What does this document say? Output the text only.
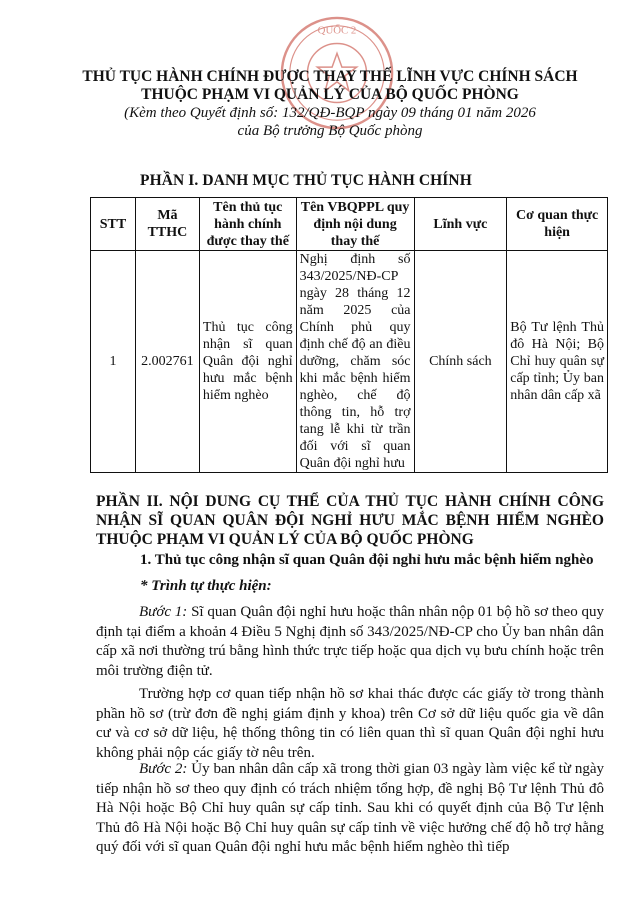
QUỐC 2

THỦ TỤC HÀNH CHÍNH ĐƯỢC THAY THẾ LĨNH VỰC CHÍNH SÁCH

THUỘC PHẠM VI QUẢN LÝ CỦA BỘ QUỐC PHÒNG

(Kèm theo Quyết định số: 132/QĐ-BQP ngày 09 tháng 01 năm 2026

của Bộ trưởng Bộ Quốc phòng

PHẦN I. DANH MỤC THỦ TỤC HÀNH CHÍNH

STT	Mã TTHC	Tên thủ tục hành chính được thay thế	Tên VBQPPL quy định nội dung thay thế	Lĩnh vực	Cơ quan thực hiện
1	2.002761	Thủ tục công nhận sĩ quan Quân đội nghỉ hưu mắc bệnh hiểm nghèo	Nghị định số 343/2025/NĐ-CP ngày 28 tháng 12 năm 2025 của Chính phủ quy định chế độ an điều dưỡng, chăm sóc khi mắc bệnh hiểm nghèo, chế độ thông tin, hỗ trợ tang lễ khi từ trần đối với sĩ quan Quân đội nghỉ hưu	Chính sách	Bộ Tư lệnh Thủ đô Hà Nội; Bộ Chỉ huy quân sự cấp tỉnh; Ủy ban nhân dân cấp xã

PHẦN II. NỘI DUNG CỤ THỂ CỦA THỦ TỤC HÀNH CHÍNH CÔNG NHẬN SĨ QUAN QUÂN ĐỘI NGHỈ HƯU MẮC BỆNH HIỂM NGHÈO THUỘC PHẠM VI QUẢN LÝ CỦA BỘ QUỐC PHÒNG

1. Thủ tục công nhận sĩ quan Quân đội nghỉ hưu mắc bệnh hiểm nghèo

* Trình tự thực hiện:

Bước 1: Sĩ quan Quân đội nghỉ hưu hoặc thân nhân nộp 01 bộ hồ sơ theo quy định tại điểm a khoản 4 Điều 5 Nghị định số 343/2025/NĐ-CP cho Ủy ban nhân dân cấp xã nơi thường trú bằng hình thức trực tiếp hoặc qua dịch vụ bưu chính hoặc trên môi trường điện tử.

Trường hợp cơ quan tiếp nhận hồ sơ khai thác được các giấy tờ trong thành phần hồ sơ (trừ đơn đề nghị giám định y khoa) trên Cơ sở dữ liệu quốc gia về dân cư và cơ sở dữ liệu, hệ thống thông tin có liên quan thì sĩ quan Quân đội nghỉ hưu không phải nộp các giấy tờ nêu trên.

Bước 2: Ủy ban nhân dân cấp xã trong thời gian 03 ngày làm việc kể từ ngày tiếp nhận hồ sơ theo quy định có trách nhiệm tổng hợp, đề nghị Bộ Tư lệnh Thủ đô Hà Nội hoặc Bộ Chỉ huy quân sự cấp tỉnh. Sau khi có quyết định của Bộ Tư lệnh Thủ đô Hà Nội hoặc Bộ Chỉ huy quân sự cấp tỉnh về việc hưởng chế độ hỗ trợ hằng quý đối với sĩ quan Quân đội nghỉ hưu mắc bệnh hiểm nghèo thì tiếp
